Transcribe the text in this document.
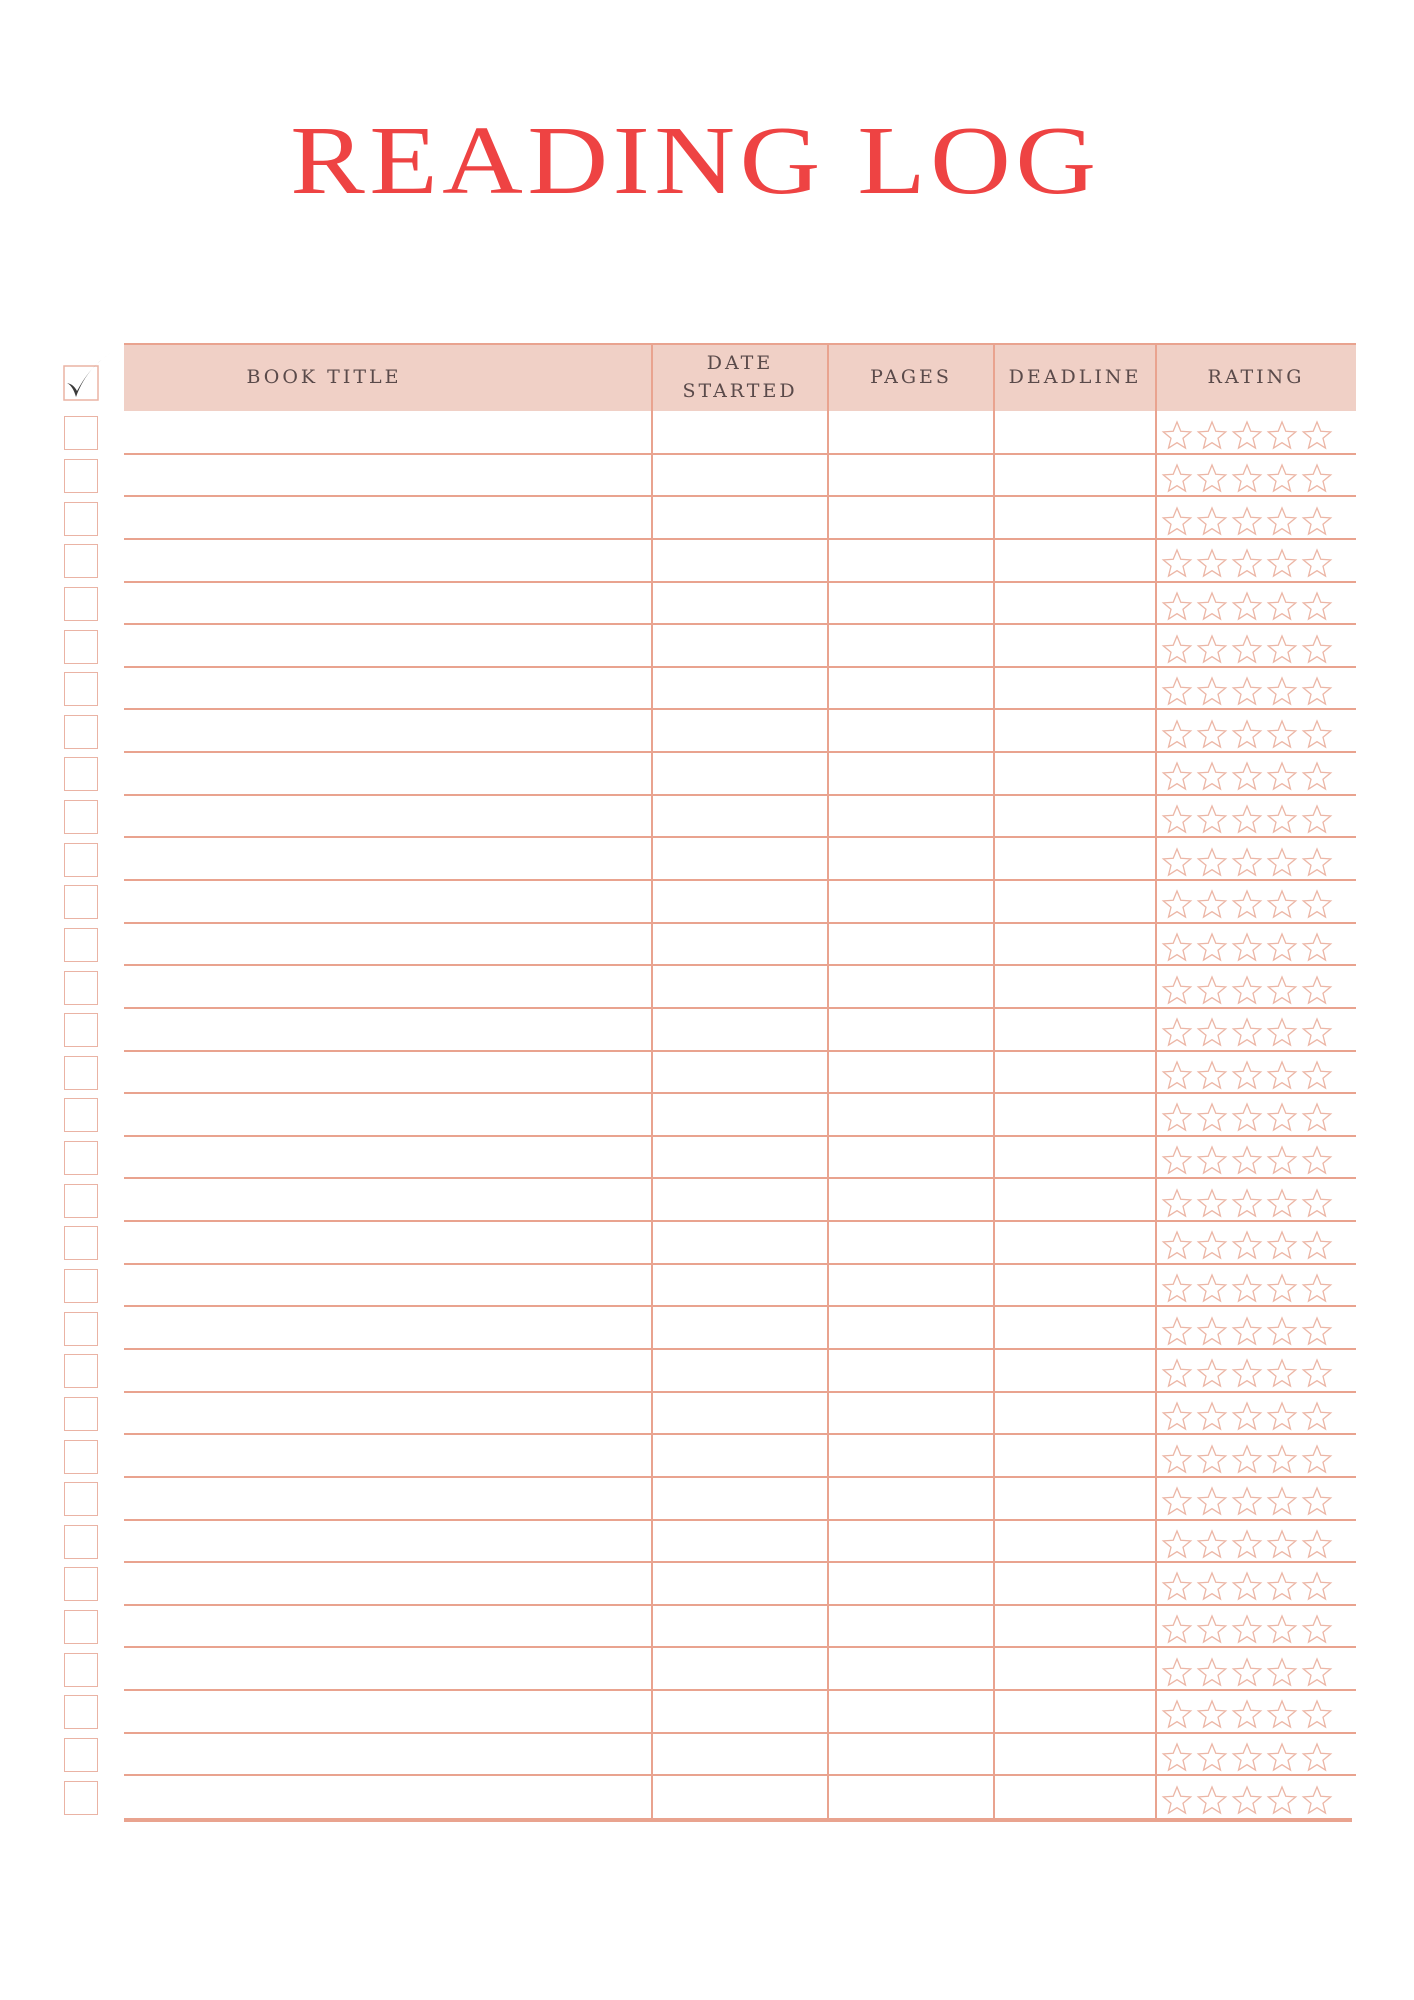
READING LOG
BOOK TITLE
DATE
STARTED
PAGES	DEADLINE	RATING
